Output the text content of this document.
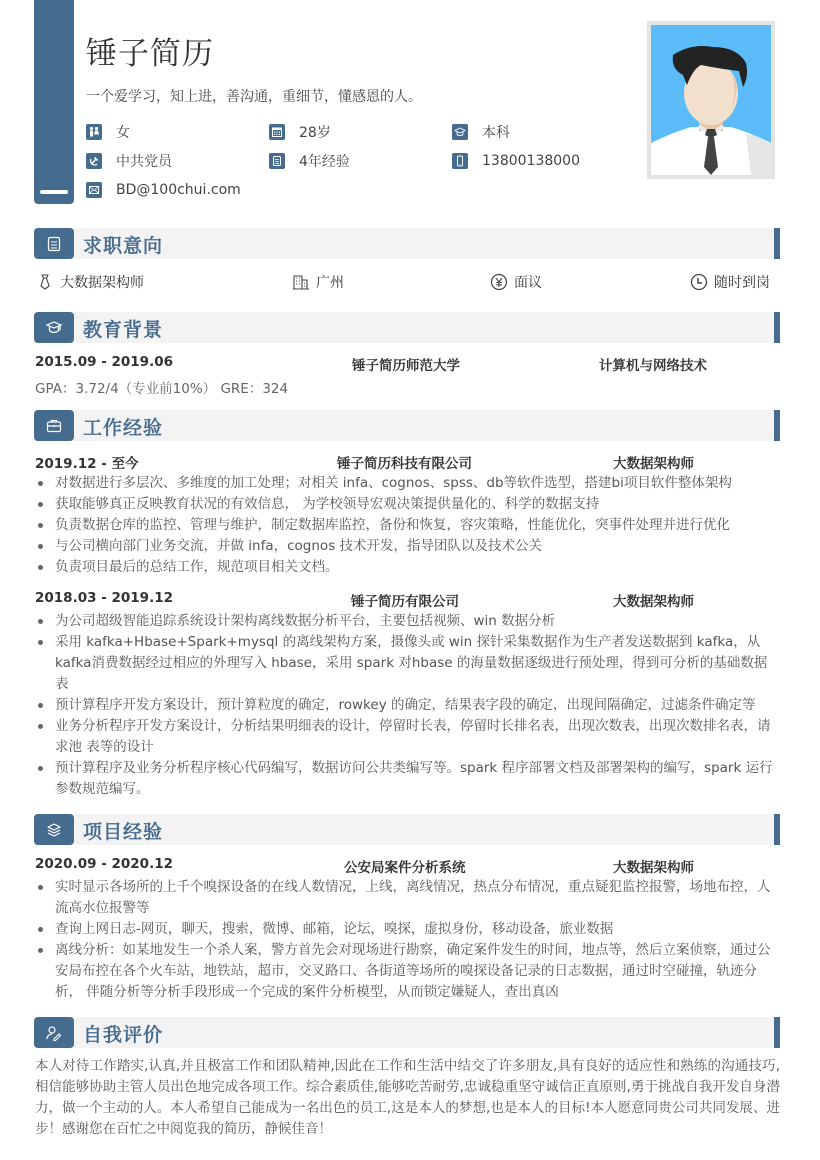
锤子简历
一个爱学习，知上进，善沟通，重细节，懂感恩的人。
女	28岁	本科
中共党员	4年经验	13800138000
BD@100chui.com
求职意向
大数据架构师	广州	面议	随时到岗
教育背景
2015.09 - 2019.06	锤子简历师范大学	计算机与网络技术
GPA：3.72/4（专业前10%） GRE：324
工作经验
2019.12 - 至今	锤子简历科技有限公司	大数据架构师
对数据进行多层次、多维度的加工处理；对相关 infa、cognos、spss、db等软件选型，搭建bi项目软件整体架构
获取能够真正反映教育状况的有效信息， 为学校领导宏观决策提供量化的、科学的数据支持
负责数据仓库的监控、管理与维护，制定数据库监控，备份和恢复，容灾策略，性能优化，突事件处理并进行优化
与公司横向部门业务交流，并做 infa，cognos 技术开发，指导团队以及技术公关
负责项目最后的总结工作，规范项目相关文档。
2018.03 - 2019.12	锤子简历有限公司	大数据架构师
为公司超级智能追踪系统设计架构离线数据分析平台，主要包括视频、win 数据分析
采用 kafka+Hbase+Spark+mysql 的离线架构方案，摄像头或 win 探针采集数据作为生产者发送数据到 kafka，从kafka消费数据经过相应的外理写入 hbase，采用 spark 对hbase 的海量数据逐级进行预处理，得到可分析的基础数据表
预计算程序开发方案设计，预计算粒度的确定，rowkey 的确定，结果表字段的确定，出现间隔确定，过滤条件确定等
业务分析程序开发方案设计，分析结果明细表的设计，停留时长表，停留时长排名表，出现次数表，出现次数排名表，请求池 表等的设计
预计算程序及业务分析程序核心代码编写，数据访问公共类编写等。spark 程序部署文档及部署架构的编写，spark 运行参数规范编写。
项目经验
2020.09 - 2020.12	公安局案件分析系统	大数据架构师
实时显示各场所的上千个嗅探设备的在线人数情况，上线，离线情况，热点分布情况，重点疑犯监控报警，场地布控，人流高水位报警等
查询上网日志-网页，聊天，搜索，微博、邮箱，论坛，嗅探，虚拟身份，移动设备，旅业数据
离线分析：如某地发生一个杀人案，警方首先会对现场进行勘察，确定案件发生的时间，地点等，然后立案侦察，通过公安局布控在各个火车站，地铁站，超市，交叉路口、各街道等场所的嗅探设备记录的日志数据，通过时空碰撞，轨迹分析， 伴随分析等分析手段形成一个完成的案件分析模型，从而锁定嫌疑人，查出真凶
自我评价
本人对待工作踏实,认真,并且极富工作和团队精神,因此在工作和生活中结交了许多朋友,具有良好的适应性和熟练的沟通技巧,相信能够协助主管人员出色地完成各项工作。综合素质佳,能够吃苦耐劳,忠诚稳重坚守诚信正直原则,勇于挑战自我开发自身潜力，做一个主动的人。本人希望自己能成为一名出色的员工,这是本人的梦想,也是本人的目标!本人愿意同贵公司共同发展、进步！感谢您在百忙之中阅览我的简历，静候佳音！
